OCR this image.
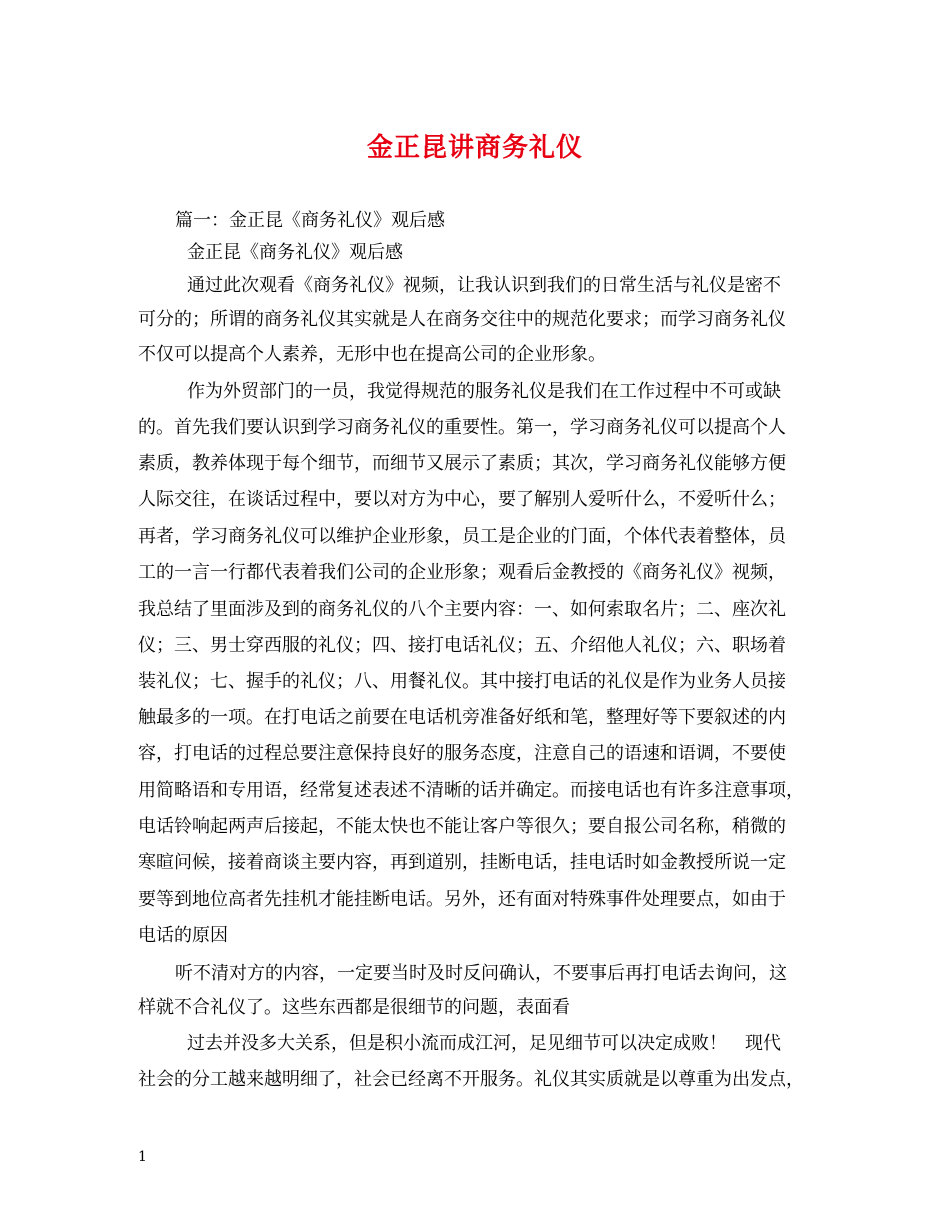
金正昆讲商务礼仪
篇一：金正昆《商务礼仪》观后感
金正昆《商务礼仪》观后感
通过此次观看《商务礼仪》视频，让我认识到我们的日常生活与礼仪是密不
可分的；所谓的商务礼仪其实就是人在商务交往中的规范化要求；而学习商务礼仪
不仅可以提高个人素养，无形中也在提高公司的企业形象。
作为外贸部门的一员，我觉得规范的服务礼仪是我们在工作过程中不可或缺
的。首先我们要认识到学习商务礼仪的重要性。第一，学习商务礼仪可以提高个人
素质，教养体现于每个细节，而细节又展示了素质；其次，学习商务礼仪能够方便
人际交往，在谈话过程中，要以对方为中心，要了解别人爱听什么，不爱听什么；
再者，学习商务礼仪可以维护企业形象，员工是企业的门面，个体代表着整体，员
工的一言一行都代表着我们公司的企业形象；观看后金教授的《商务礼仪》视频，
我总结了里面涉及到的商务礼仪的八个主要内容：一、如何索取名片；二、座次礼
仪；三、男士穿西服的礼仪；四、接打电话礼仪；五、介绍他人礼仪；六、职场着
装礼仪；七、握手的礼仪；八、用餐礼仪。其中接打电话的礼仪是作为业务人员接
触最多的一项。在打电话之前要在电话机旁准备好纸和笔，整理好等下要叙述的内
容，打电话的过程总要注意保持良好的服务态度，注意自己的语速和语调，不要使
用简略语和专用语，经常复述表述不清晰的话并确定。而接电话也有许多注意事项，
电话铃响起两声后接起，不能太快也不能让客户等很久；要自报公司名称，稍微的
寒暄问候，接着商谈主要内容，再到道别，挂断电话，挂电话时如金教授所说一定
要等到地位高者先挂机才能挂断电话。另外，还有面对特殊事件处理要点，如由于
电话的原因
听不清对方的内容，一定要当时及时反问确认，不要事后再打电话去询问，这
样就不合礼仪了。这些东西都是很细节的问题，表面看
过去并没多大关系，但是积小流而成江河，足见细节可以决定成败！　现代
社会的分工越来越明细了，社会已经离不开服务。礼仪其实质就是以尊重为出发点，
1
